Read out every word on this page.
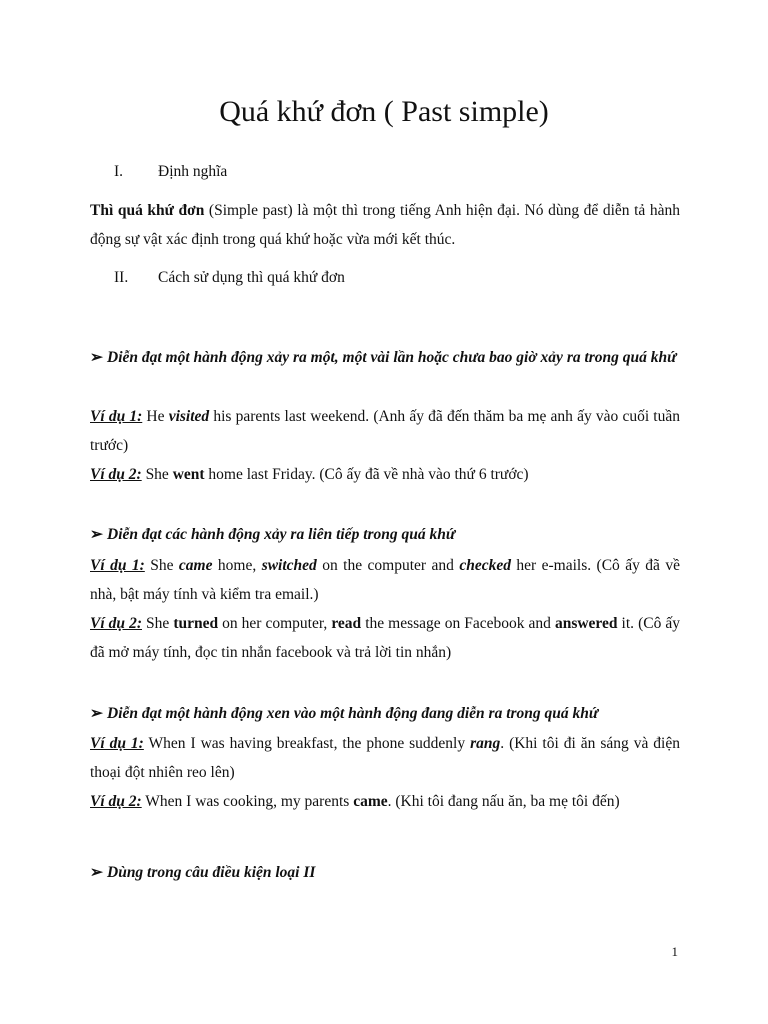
Quá khứ đơn ( Past simple)
I. Định nghĩa
Thì quá khứ đơn (Simple past) là một thì trong tiếng Anh hiện đại. Nó dùng để diễn tả hành động sự vật xác định trong quá khứ hoặc vừa mới kết thúc.
II. Cách sử dụng thì quá khứ đơn
➢ Diễn đạt một hành động xảy ra một, một vài lần hoặc chưa bao giờ xảy ra trong quá khứ
Ví dụ 1: He visited his parents last weekend. (Anh ấy đã đến thăm ba mẹ anh ấy vào cuối tuần trước)
Ví dụ 2: She went home last Friday. (Cô ấy đã về nhà vào thứ 6 trước)
➢ Diễn đạt các hành động xảy ra liên tiếp trong quá khứ
Ví dụ 1: She came home, switched on the computer and checked her e-mails. (Cô ấy đã về nhà, bật máy tính và kiểm tra email.)
Ví dụ 2: She turned on her computer, read the message on Facebook and answered it. (Cô ấy đã mở máy tính, đọc tin nhắn facebook và trả lời tin nhắn)
➢ Diễn đạt một hành động xen vào một hành động đang diễn ra trong quá khứ
Ví dụ 1: When I was having breakfast, the phone suddenly rang. (Khi tôi đi ăn sáng và điện thoại đột nhiên reo lên)
Ví dụ 2: When I was cooking, my parents came. (Khi tôi đang nấu ăn, ba mẹ tôi đến)
➢ Dùng trong câu điều kiện loại II
1
